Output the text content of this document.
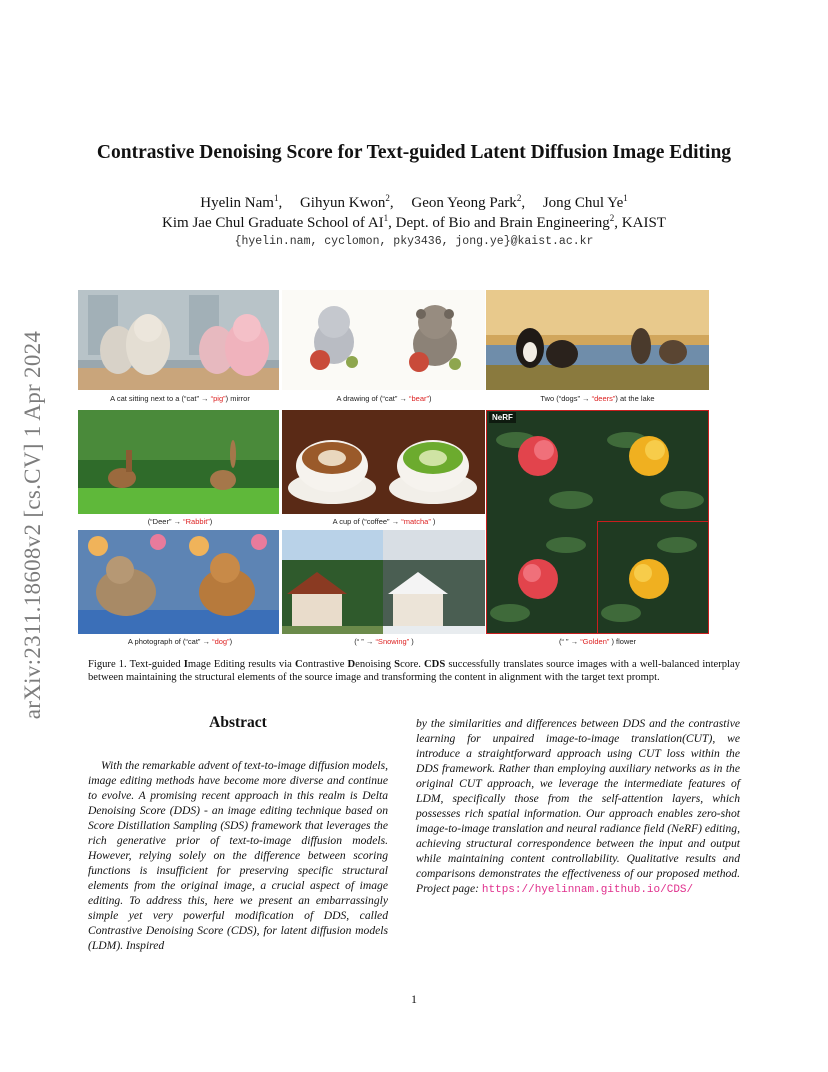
arXiv:2311.18608v2 [cs.CV] 1 Apr 2024
Contrastive Denoising Score for Text-guided Latent Diffusion Image Editing
Hyelin Nam$^1$, Gihyun Kwon$^2$, Geon Yeong Park$^2$, Jong Chul Ye$^1$
Kim Jae Chul Graduate School of $AI^1$, Dept. of Bio and Brain Engineering$^2$, KAIST
{hyelin.nam, cyclomon, pky3436, jong.ye}@kaist.ac.kr
A cat sitting next to a (“cat” → “pig”) mirror	A drawing of (“cat” → “bear”)	Two (“dogs” → “deers”) at the lake
(“Deer” → “Rabbit”)	A cup of (“coffee” → “matcha” )
A photograph of (“cat” → “dog”)	(“ ” → “Snowing” )
NeRF
(“ ” → “Golden” ) flower
Figure 1. Text-guided Image Editing results via Contrastive Denoising Score. CDS successfully translates source images with a well-balanced interplay between maintaining the structural elements of the source image and transforming the content in alignment with the target text prompt.
Abstract

With the remarkable advent of text-to-image diffusion models, image editing methods have become more diverse and continue to evolve. A promising recent approach in this realm is Delta Denoising Score (DDS) - an image editing technique based on Score Distillation Sampling (SDS) framework that leverages the rich generative prior of text-to-image diffusion models. However, relying solely on the difference between scoring functions is insufficient for preserving specific structural elements from the original image, a crucial aspect of image editing. To address this, here we present an embarrassingly simple yet very powerful modification of DDS, called Contrastive Denoising Score (CDS), for latent diffusion models (LDM). Inspired

by the similarities and differences between DDS and the contrastive learning for unpaired image-to-image translation(CUT), we introduce a straightforward approach using CUT loss within the DDS framework. Rather than employing auxiliary networks as in the original CUT approach, we leverage the intermediate features of LDM, specifically those from the self-attention layers, which possesses rich spatial information. Our approach enables zero-shot image-to-image translation and neural radiance field (NeRF) editing, achieving structural correspondence between the input and output while maintaining content controllability. Qualitative results and comparisons demonstrates the effectiveness of our proposed method. Project page: https://hyelinnam.github.io/CDS/

1
